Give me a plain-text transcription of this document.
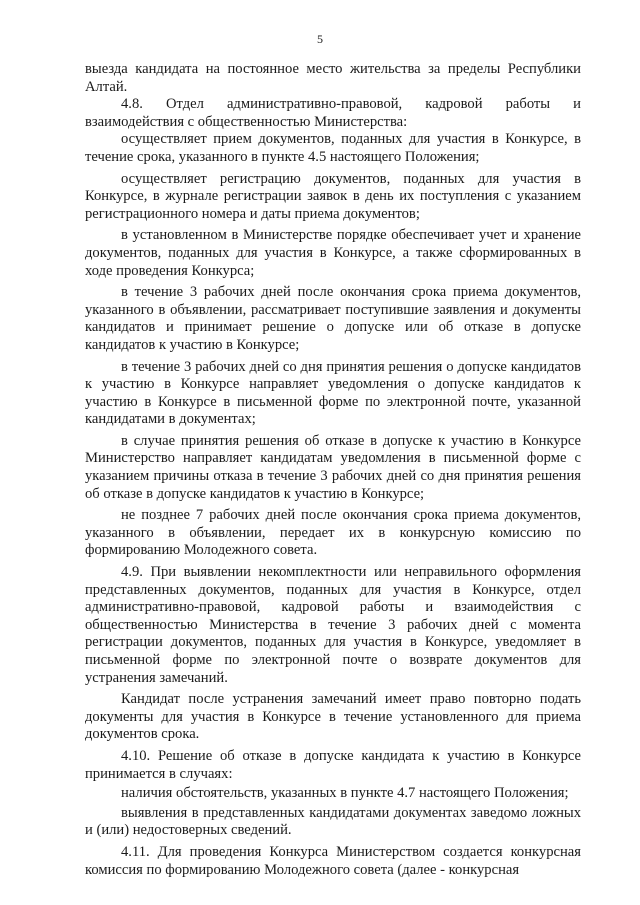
5

выезда кандидата на постоянное место жительства за пределы Республики Алтай.

4.8. Отдел административно-правовой, кадровой работы и взаимодействия с общественностью Министерства:

осуществляет прием документов, поданных для участия в Конкурсе, в течение срока, указанного в пункте 4.5 настоящего Положения;

осуществляет регистрацию документов, поданных для участия в Конкурсе, в журнале регистрации заявок в день их поступления с указанием регистрационного номера и даты приема документов;

в установленном в Министерстве порядке обеспечивает учет и хранение документов, поданных для участия в Конкурсе, а также сформированных в ходе проведения Конкурса;

в течение 3 рабочих дней после окончания срока приема документов, указанного в объявлении, рассматривает поступившие заявления и документы кандидатов и принимает решение о допуске или об отказе в допуске кандидатов к участию в Конкурсе;

в течение 3 рабочих дней со дня принятия решения о допуске кандидатов к участию в Конкурсе направляет уведомления о допуске кандидатов к участию в Конкурсе в письменной форме по электронной почте, указанной кандидатами в документах;

в случае принятия решения об отказе в допуске к участию в Конкурсе Министерство направляет кандидатам уведомления в письменной форме с указанием причины отказа в течение 3 рабочих дней со дня принятия решения об отказе в допуске кандидатов к участию в Конкурсе;

не позднее 7 рабочих дней после окончания срока приема документов, указанного в объявлении, передает их в конкурсную комиссию по формированию Молодежного совета.

4.9. При выявлении некомплектности или неправильного оформления представленных документов, поданных для участия в Конкурсе, отдел административно-правовой, кадровой работы и взаимодействия с общественностью Министерства в течение 3 рабочих дней с момента регистрации документов, поданных для участия в Конкурсе, уведомляет в письменной форме по электронной почте о возврате документов для устранения замечаний.

Кандидат после устранения замечаний имеет право повторно подать документы для участия в Конкурсе в течение установленного для приема документов срока.

4.10. Решение об отказе в допуске кандидата к участию в Конкурсе принимается в случаях:

наличия обстоятельств, указанных в пункте 4.7 настоящего Положения;

выявления в представленных кандидатами документах заведомо ложных и (или) недостоверных сведений.

4.11. Для проведения Конкурса Министерством создается конкурсная комиссия по формированию Молодежного совета (далее - конкурсная
